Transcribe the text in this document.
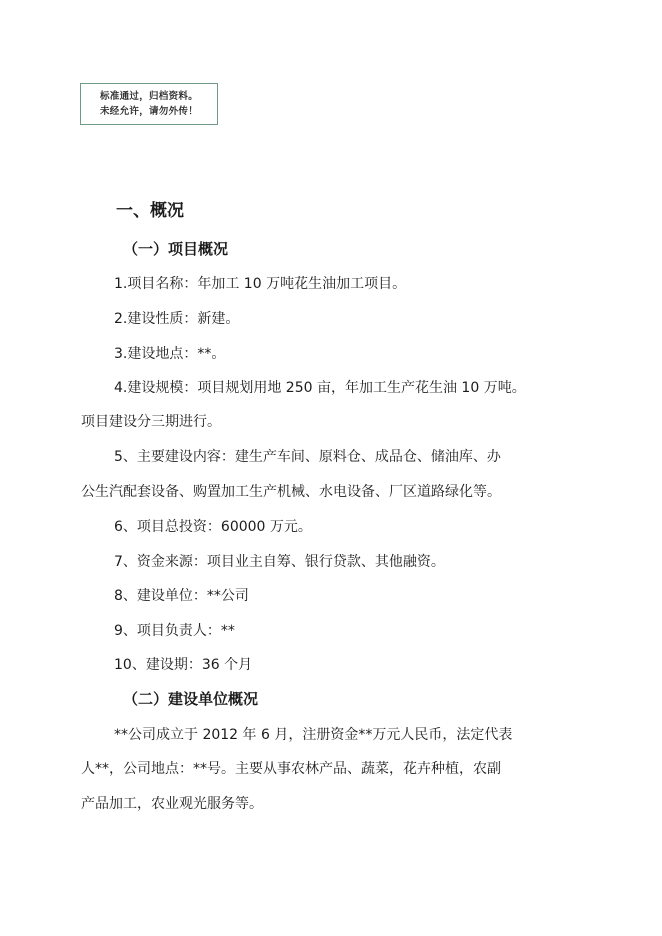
标准通过，归档资料。
未经允许，请勿外传！
一、概况
（一）项目概况
1.项目名称：年加工 10 万吨花生油加工项目。
2.建设性质：新建。
3.建设地点：**。
4.建设规模：项目规划用地 250 亩，年加工生产花生油 10 万吨。
项目建设分三期进行。
5、主要建设内容：建生产车间、原料仓、成品仓、储油库、办
公生汽配套设备、购置加工生产机械、水电设备、厂区道路绿化等。
6、项目总投资：60000 万元。
7、资金来源：项目业主自筹、银行贷款、其他融资。
8、建设单位：**公司
9、项目负责人：**
10、建设期：36 个月
（二）建设单位概况
**公司成立于 2012 年 6 月，注册资金**万元人民币，法定代表
人**，公司地点：**号。主要从事农林产品、蔬菜，花卉种植，农副
产品加工，农业观光服务等。
